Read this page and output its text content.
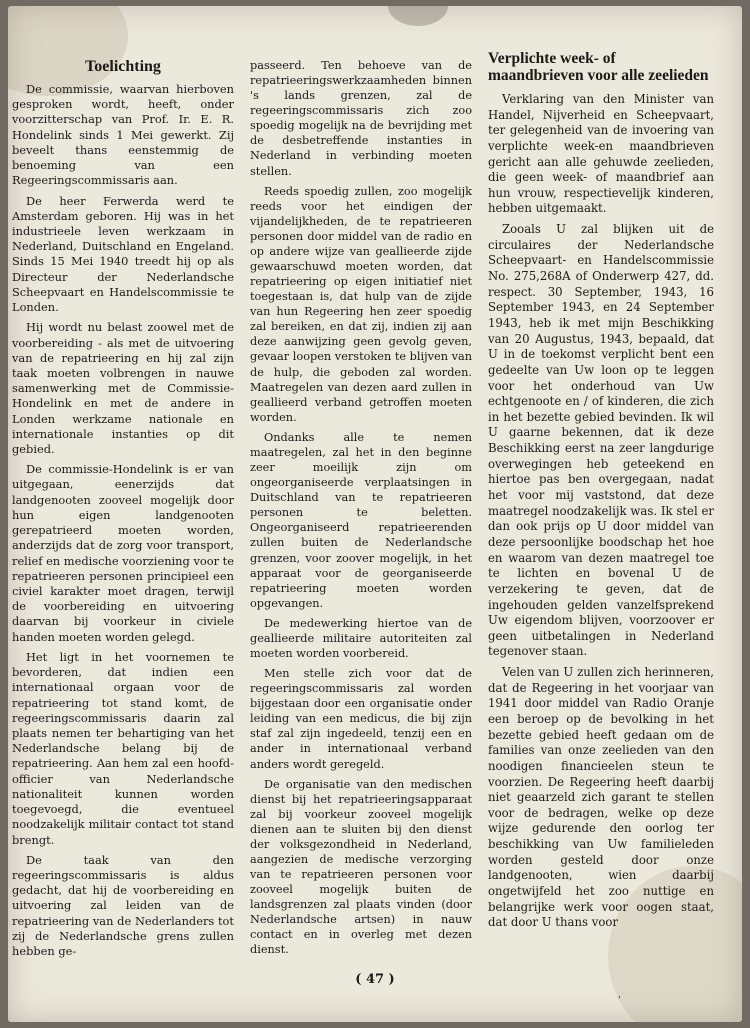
Toelichting

De commissie, waarvan hierboven gesproken wordt, heeft, onder voorzitterschap van Prof. Ir. E. R. Hondelink sinds 1 Mei gewerkt. Zij beveelt thans eenstemmig de benoeming van een Regeeringscommissaris aan.

De heer Ferwerda werd te Amsterdam geboren. Hij was in het industrieele leven werkzaam in Nederland, Duitschland en Engeland. Sinds 15 Mei 1940 treedt hij op als Directeur der Nederlandsche Scheepvaart en Handelscommissie te Londen.

Hij wordt nu belast zoowel met de voorbereiding - als met de uitvoering van de repatrieering en hij zal zijn taak moeten volbrengen in nauwe samenwerking met de Commissie-Hondelink en met de andere in Londen werkzame nationale en internationale instanties op dit gebied.

De commissie-Hondelink is er van uitgegaan, eenerzijds dat landgenooten zooveel mogelijk door hun eigen landgenooten gerepatrieerd moeten worden, anderzijds dat de zorg voor transport, relief en medische voorziening voor te repatrieeren personen principieel een civiel karakter moet dragen, terwijl de voorbereiding en uitvoering daarvan bij voorkeur in civiele handen moeten worden gelegd.

Het ligt in het voornemen te bevorderen, dat indien een internationaal orgaan voor de repatrieering tot stand komt, de regeeringscommissaris daarin zal plaats nemen ter behartiging van het Nederlandsche belang bij de repatrieering. Aan hem zal een hoofd-officier van Nederlandsche nationaliteit kunnen worden toegevoegd, die eventueel noodzakelijk militair contact tot stand brengt.

De taak van den regeeringscommissaris is aldus gedacht, dat hij de voorbereiding en uitvoering zal leiden van de repatrieering van de Nederlanders tot zij de Nederlandsche grens zullen hebben ge-

passeerd. Ten behoeve van de repatrieeringswerkzaamheden binnen 's lands grenzen, zal de regeeringscommissaris zich zoo spoedig mogelijk na de bevrijding met de desbetreffende instanties in Nederland in verbinding moeten stellen.

Reeds spoedig zullen, zoo mogelijk reeds voor het eindigen der vijandelijkheden, de te repatrieeren personen door middel van de radio en op andere wijze van geallieerde zijde gewaarschuwd moeten worden, dat repatrieering op eigen initiatief niet toegestaan is, dat hulp van de zijde van hun Regeering hen zeer spoedig zal bereiken, en dat zij, indien zij aan deze aanwijzing geen gevolg geven, gevaar loopen verstoken te blijven van de hulp, die geboden zal worden. Maatregelen van dezen aard zullen in geallieerd verband getroffen moeten worden.

Ondanks alle te nemen maatregelen, zal het in den beginne zeer moeilijk zijn om ongeorganiseerde verplaatsingen in Duitschland van te repatrieeren personen te beletten. Ongeorganiseerd repatrieerenden zullen buiten de Nederlandsche grenzen, voor zoover mogelijk, in het apparaat voor de georganiseerde repatrieering moeten worden opgevangen.

De medewerking hiertoe van de geallieerde militaire autoriteiten zal moeten worden voorbereid.

Men stelle zich voor dat de regeeringscommissaris zal worden bijgestaan door een organisatie onder leiding van een medicus, die bij zijn staf zal zijn ingedeeld, tenzij een en ander in internationaal verband anders wordt geregeld.

De organisatie van den medischen dienst bij het repatrieeringsapparaat zal bij voorkeur zooveel mogelijk dienen aan te sluiten bij den dienst der volksgezondheid in Nederland, aangezien de medische verzorging van te repatrieeren personen voor zooveel mogelijk buiten de landsgrenzen zal plaats vinden (door Nederlandsche artsen) in nauw contact en in overleg met dezen dienst.

Verplichte week- of maandbrieven voor alle zeelieden

Verklaring van den Minister van Handel, Nijverheid en Scheepvaart, ter gelegenheid van de invoering van verplichte week-en maandbrieven gericht aan alle gehuwde zeelieden, die geen week- of maandbrief aan hun vrouw, respectievelijk kinderen, hebben uitgemaakt.

Zooals U zal blijken uit de circulaires der Nederlandsche Scheepvaart- en Handelscommissie No. 275,268A of Onderwerp 427, dd. respect. 30 September, 1943, 16 September 1943, en 24 September 1943, heb ik met mijn Beschikking van 20 Augustus, 1943, bepaald, dat U in de toekomst verplicht bent een gedeelte van Uw loon op te leggen voor het onderhoud van Uw echtgenoote en / of kinderen, die zich in het bezette gebied bevinden. Ik wil U gaarne bekennen, dat ik deze Beschikking eerst na zeer langdurige overwegingen heb geteekend en hiertoe pas ben overgegaan, nadat het voor mij vaststond, dat deze maatregel noodzakelijk was. Ik stel er dan ook prijs op U door middel van deze persoonlijke boodschap het hoe en waarom van dezen maatregel toe te lichten en bovenal U de verzekering te geven, dat de ingehouden gelden vanzelfsprekend Uw eigendom blijven, voorzoover er geen uitbetalingen in Nederland tegenover staan.

Velen van U zullen zich herinneren, dat de Regeering in het voorjaar van 1941 door middel van Radio Oranje een beroep op de bevolking in het bezette gebied heeft gedaan om de families van onze zeelieden van den noodigen financieelen steun te voorzien. De Regeering heeft daarbij niet geaarzeld zich garant te stellen voor de bedragen, welke op deze wijze gedurende den oorlog ter beschikking van Uw familieleden worden gesteld door onze landgenooten, wien daarbij ongetwijfeld het zoo nuttige en belangrijke werk voor oogen staat, dat door U thans voor

( 47 )
,
